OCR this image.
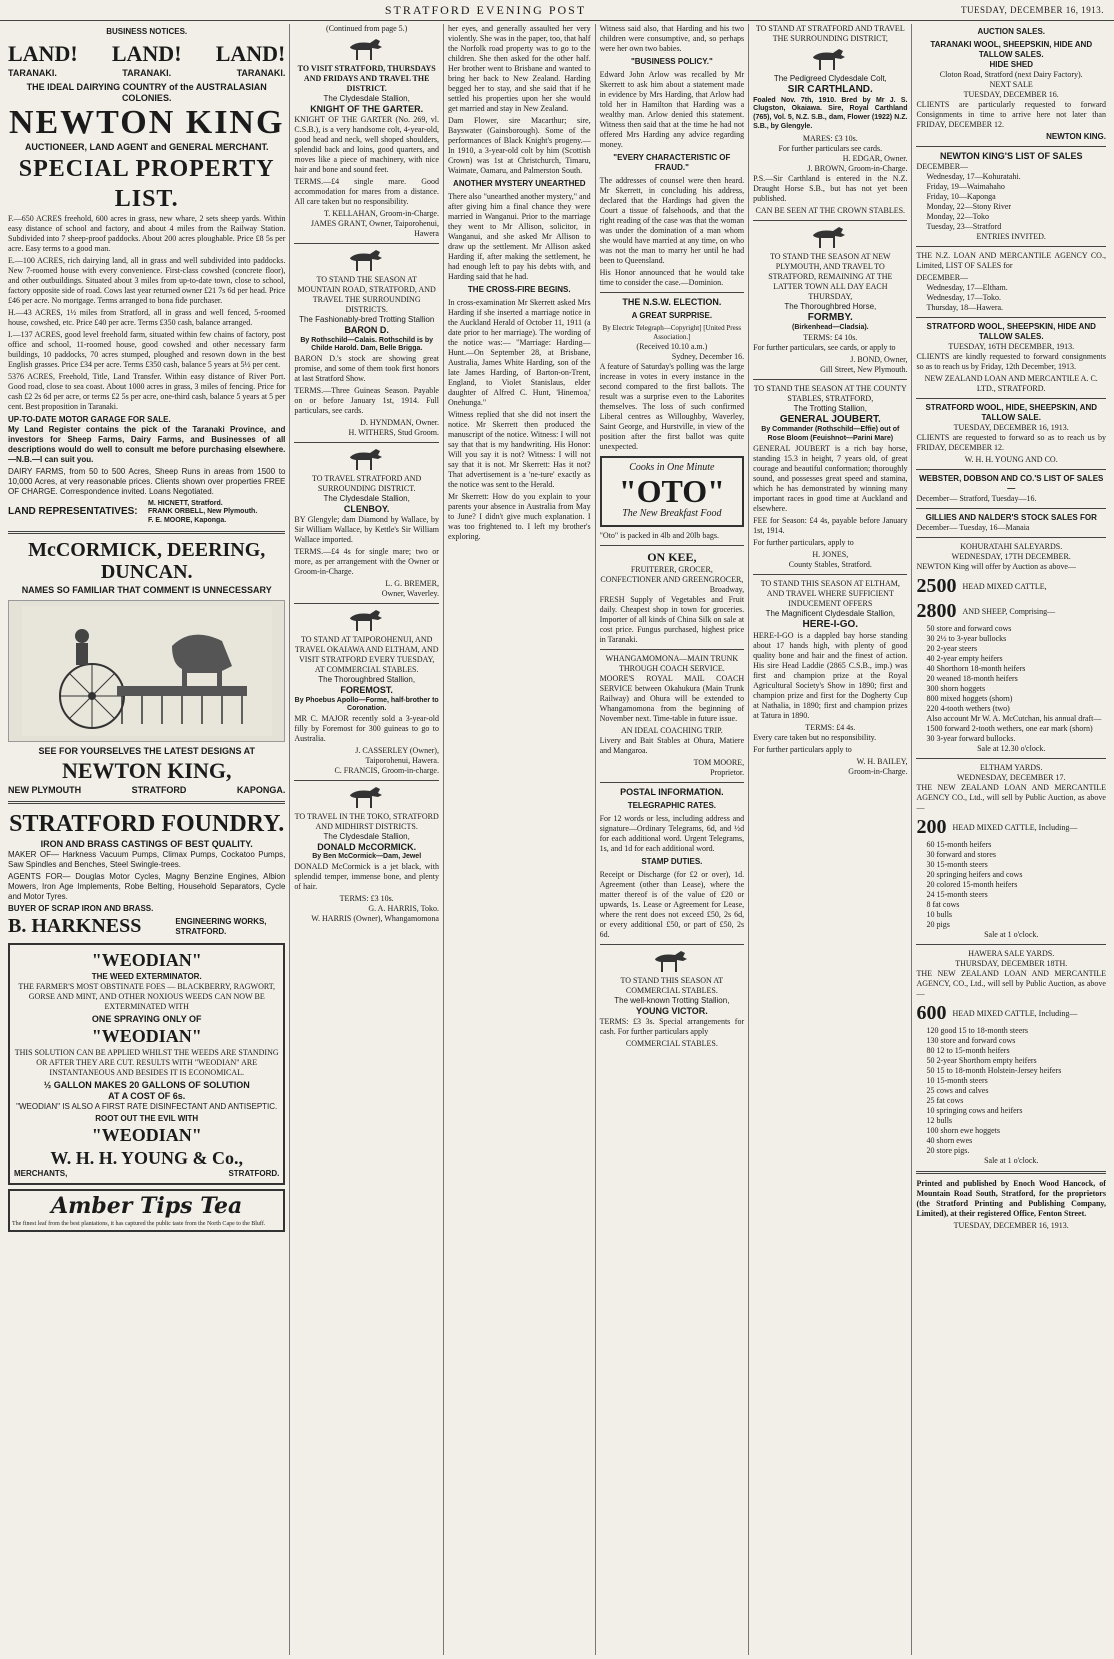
STRATFORD EVENING POST	TUESDAY, DECEMBER 16, 1913.
BUSINESS NOTICES.
LAND! LAND! LAND!
TARANAKI.	TARANAKI.	TARANAKI.
THE IDEAL DAIRYING COUNTRY of the AUSTRALASIAN COLONIES.
NEWTON KING
AUCTIONEER, LAND AGENT and GENERAL MERCHANT.
SPECIAL PROPERTY LIST.

F.—650 ACRES freehold, 600 acres in grass, new whare, 2 sets sheep yards. Within easy distance of school and factory, and about 4 miles from the Railway Station. Subdivided into 7 sheep-proof paddocks. About 200 acres ploughable. Price £8 5s per acre. Easy terms to a good man.

E.—100 ACRES, rich dairying land, all in grass and well subdivided into paddocks. New 7-roomed house with every convenience. First-class cowshed (concrete floor), and other outbuildings. Situated about 3 miles from up-to-date town, close to school, factory opposite side of road. Cows last year returned owner £21 7s 6d per head. Price £46 per acre. No mortgage. Terms arranged to bona fide purchaser.

H.—43 ACRES, 1½ miles from Stratford, all in grass and well fenced, 5-roomed house, cowshed, etc. Price £40 per acre. Terms £350 cash, balance arranged.

I.—137 ACRES, good level freehold farm, situated within few chains of factory, post office and school, 11-roomed house, good cowshed and other necessary farm buildings, 10 paddocks, 70 acres stumped, ploughed and resown down in the best English grasses. Price £34 per acre. Terms £350 cash, balance 5 years at 5½ per cent.

5376 ACRES, Freehold, Title, Land Transfer. Within easy distance of River Port. Good road, close to sea coast. About 1000 acres in grass, 3 miles of fencing. Price for cash £2 2s 6d per acre, or terms £2 5s per acre, one-third cash, balance 5 years at 5 per cent. Best proposition in Taranaki.

UP-TO-DATE MOTOR GARAGE FOR SALE.

My Land Register contains the pick of the Taranaki Province, and investors for Sheep Farms, Dairy Farms, and Businesses of all descriptions would do well to consult me before purchasing elsewhere.—N.B.—I can suit you.

DAIRY FARMS, from 50 to 500 Acres, Sheep Runs in areas from 1500 to 10,000 Acres, at very reasonable prices. Clients shown over properties FREE OF CHARGE. Correspondence invited. Loans Negotiated.

LAND REPRESENTATIVES:
M. HICNETT, Stratford.
FRANK ORBELL, New Plymouth.
F. E. MOORE, Kaponga.
McCORMICK, DEERING, DUNCAN.
NAMES SO FAMILIAR THAT COMMENT IS UNNECESSARY
SEE FOR YOURSELVES THE LATEST DESIGNS AT
NEWTON KING,
NEW PLYMOUTH	STRATFORD	KAPONGA.
STRATFORD FOUNDRY.
IRON AND BRASS CASTINGS OF BEST QUALITY.

MAKER OF— Harkness Vacuum Pumps, Climax Pumps, Cockatoo Pumps, Saw Spindles and Benches, Steel Swingle-trees.

AGENTS FOR— Douglas Motor Cycles, Magny Benzine Engines, Albion Mowers, Iron Age Implements, Robe Belting, Household Separators, Cycle and Motor Tyres.

BUYER OF SCRAP IRON AND BRASS.
B. HARKNESS	ENGINEERING WORKS, STRATFORD.
"WEODIAN"
THE WEED EXTERMINATOR.

THE FARMER'S MOST OBSTINATE FOES — BLACKBERRY, RAGWORT, GORSE AND MINT, AND OTHER NOXIOUS WEEDS CAN NOW BE EXTERMINATED WITH

ONE SPRAYING ONLY OF
"WEODIAN"

THIS SOLUTION CAN BE APPLIED WHILST THE WEEDS ARE STANDING OR AFTER THEY ARE CUT. RESULTS WITH "WEODIAN" ARE INSTANTANEOUS AND BESIDES IT IS ECONOMICAL.

½ GALLON MAKES 20 GALLONS OF SOLUTION
AT A COST OF 6s.

"WEODIAN" IS ALSO A FIRST RATE DISINFECTANT AND ANTISEPTIC.

ROOT OUT THE EVIL WITH
"WEODIAN"
W. H. H. YOUNG & Co.,
MERCHANTS,	STRATFORD.
Amber Tips Tea
The finest leaf from the best plantations, it has captured the public taste from the North Cape to the Bluff.
(Continued from page 5.)
TO VISIT STRATFORD, THURSDAYS AND FRIDAYS AND TRAVEL THE DISTRICT.
The Clydesdale Stallion,
KNIGHT OF THE GARTER.

KNIGHT OF THE GARTER (No. 269, vl. C.S.B.), is a very handsome colt, 4-year-old, good head and neck, well shoped shoulders, splendid back and loins, good quarters, and moves like a piece of machinery, with nice hair and bone and sound feet.

TERMS.—£4 single mare. Good accommodation for mares from a distance. All care taken but no responsibility.

T. KELLAHAN, Groom-in-Charge.
JAMES GRANT, Owner, Taiporohenui, Hawera
TO STAND THE SEASON AT MOUNTAIN ROAD, STRATFORD, AND TRAVEL THE SURROUNDING DISTRICTS.
The Fashionably-bred Trotting Stallion
BARON D.
By Rothschild—Calais. Rothschild is by Childe Harold. Dam, Belle Brigga.

BARON D.'s stock are showing great promise, and some of them took first honors at last Stratford Show.

TERMS.—Three Guineas Season. Payable on or before January 1st, 1914. Full particulars, see cards.

D. HYNDMAN, Owner.
H. WITHERS, Stud Groom.
TO TRAVEL STRATFORD AND SURROUNDING DISTRICT.
The Clydesdale Stallion,
CLENBOY.

BY Glengyle; dam Diamond by Wallace, by Sir William Wallace, by Kettle's Sir William Wallace imported.

TERMS.—£4 4s for single mare; two or more, as per arrangement with the Owner or Groom-in-Charge.

L. G. BREMER,
Owner, Waverley.
TO STAND AT TAIPOROHENUI, AND TRAVEL OKAIAWA AND ELTHAM, AND VISIT STRATFORD EVERY TUESDAY, AT COMMERCIAL STABLES.
The Thoroughbred Stallion,
FOREMOST.
By Phoebus Apollo—Forme, half-brother to Coronation.

MR C. MAJOR recently sold a 3-year-old filly by Foremost for 300 guineas to go to Australia.

J. CASSERLEY (Owner),
Taiporohenui, Hawera.
C. FRANCIS, Groom-in-charge.
TO TRAVEL IN THE TOKO, STRATFORD AND MIDHIRST DISTRICTS.
The Clydesdale Stallion,
DONALD McCORMICK.
By Ben McCormick—Dam, Jewel

DONALD McCormick is a jet black, with splendid temper, immense bone, and plenty of hair.

TERMS: £3 10s.
G. A. HARRIS, Toko.
W. HARRIS (Owner), Whangamomona

her eyes, and generally assaulted her very violently. She was in the paper, too, that half the Norfolk road property was to go to the children. She then asked for the other half. Her brother went to Brisbane and wanted to bring her back to New Zealand. Harding begged her to stay, and she said that if he settled his properties upon her she would get married and stay in New Zealand.

Dam Flower, sire Macarthur; sire, Bayswater (Gainsborough). Some of the performances of Black Knight's progeny.—In 1910, a 3-year-old colt by him (Scottish Crown) was 1st at Christchurch, Timaru, Waimate, Oamaru, and Palmerston South.

ANOTHER MYSTERY UNEARTHED

There also "unearthed another mystery," and after giving him a final chance they were married in Wanganui. Prior to the marriage they went to Mr Allison, solicitor, in Wanganui, and she asked Mr Allison to draw up the settlement. Mr Allison asked Harding if, after making the settlement, he had enough left to pay his debts with, and Harding said that he had.

THE CROSS-FIRE BEGINS.

In cross-examination Mr Skerrett asked Mrs Harding if she inserted a marriage notice in the Auckland Herald of October 11, 1911 (a date prior to her marriage). The wording of the notice was:— "Marriage: Harding—Hunt.—On September 28, at Brisbane, Australia, James White Harding, son of the late James Harding, of Barton-on-Trent, England, to Violet Stanislaus, elder daughter of Alfred C. Hunt, 'Hinemoa,' Onehunga."

Witness replied that she did not insert the notice. Mr Skerrett then produced the manuscript of the notice. Witness: I will not say that that is my handwriting. His Honor: Will you say it is not? Witness: I will not say that it is not. Mr Skerrett: Has it not? That advertisement is a 'ne-ture' exactly as the notice was sent to the Herald.

Mr Skerrett: How do you explain to your parents your absence in Australia from May to June? I didn't give much explanation. I was too frightened to. I left my brother's exploring.

Witness said also, that Harding and his two children were consumptive, and, so perhaps were her own two babies.

"BUSINESS POLICY."

Edward John Arlow was recalled by Mr Skerrett to ask him about a statement made in evidence by Mrs Harding, that Arlow had told her in Hamilton that Harding was a wealthy man. Arlow denied this statement. Witness then said that at the time he had not offered Mrs Harding any advice regarding money.

"EVERY CHARACTERISTIC OF FRAUD."

The addresses of counsel were then heard. Mr Skerrett, in concluding his address, declared that the Hardings had given the Court a tissue of falsehoods, and that the right reading of the case was that the woman was under the domination of a man whom she would have married at any time, on who was not the man to marry her until he had been to Queensland.

His Honor announced that he would take time to consider the case.—Dominion.

THE N.S.W. ELECTION.
A GREAT SURPRISE.
By Electric Telegraph—Copyright] [United Press Association.]
(Received 10.10 a.m.)
Sydney, December 16.

A feature of Saturday's polling was the large increase in votes in every instance in the second compared to the first ballots. The result was a surprise even to the Laborites themselves. The loss of such confirmed Liberal centres as Willoughby, Waverley, Saint George, and Hurstville, in view of the position after the first ballot was quite unexpected.

Cooks in One Minute
"OTO"
The New Breakfast Food
"Oto" is packed in 4lb and 20lb bags.
ON KEE,
FRUITERER, GROCER, CONFECTIONER AND GREENGROCER,
Broadway,

FRESH Supply of Vegetables and Fruit daily. Cheapest shop in town for groceries. Importer of all kinds of China Silk on sale at cost price. Fungus purchased, highest price in Taranaki.

WHANGAMOMONA—MAIN TRUNK THROUGH COACH SERVICE.

MOORE'S ROYAL MAIL COACH SERVICE between Okahukura (Main Trunk Railway) and Ohura will be extended to Whangamomona from the beginning of November next. Time-table in future issue.

AN IDEAL COACHING TRIP.

Livery and Bait Stables at Ohura, Matiere and Mangaroa.

TOM MOORE,
Proprietor.
POSTAL INFORMATION.
TELEGRAPHIC RATES.

For 12 words or less, including address and signature—Ordinary Telegrams, 6d, and ½d for each additional word. Urgent Telegrams, 1s, and 1d for each additional word.

STAMP DUTIES.

Receipt or Discharge (for £2 or over), 1d. Agreement (other than Lease), where the matter thereof is of the value of £20 or upwards, 1s. Lease or Agreement for Lease, where the rent does not exceed £50, 2s 6d, or every additional £50, or part of £50, 2s 6d.

TO STAND THIS SEASON AT COMMERCIAL STABLES.
The well-known Trotting Stallion,
YOUNG VICTOR.

TERMS: £3 3s. Special arrangements for cash. For further particulars apply

COMMERCIAL STABLES.
TO STAND AT STRATFORD AND TRAVEL THE SURROUNDING DISTRICT,
The Pedigreed Clydesdale Colt,
SIR CARTHLAND.

Foaled Nov. 7th, 1910. Bred by Mr J. S. Clugston, Okaiawa. Sire, Royal Carthland (765), Vol. 5, N.Z. S.B., dam, Flower (1922) N.Z. S.B., by Glengyle.

MARES: £3 10s.
For further particulars see cards.
H. EDGAR, Owner.
J. BROWN, Groom-in-Charge.

P.S.—Sir Carthland is entered in the N.Z. Draught Horse S.B., but has not yet been published.

CAN BE SEEN AT THE CROWN STABLES.
TO STAND THE SEASON AT NEW PLYMOUTH, AND TRAVEL TO STRATFORD, REMAINING AT THE LATTER TOWN ALL DAY EACH THURSDAY,
The Thoroughbred Horse,
FORMBY.
(Birkenhead—Cladsia).
TERMS: £4 10s.

For further particulars, see cards, or apply to

J. BOND, Owner,
Gill Street, New Plymouth.
TO STAND THE SEASON AT THE COUNTY STABLES, STRATFORD,
The Trotting Stallion,
GENERAL JOUBERT.
By Commander (Rothschild—Effie) out of Rose Bloom (Feuishnot—Parini Mare)

GENERAL JOUBERT is a rich bay horse, standing 15.3 in height, 7 years old, of great courage and beautiful conformation; thoroughly sound, and possesses great speed and stamina, which he has demonstrated by winning many important races in good time at Auckland and elsewhere.

FEE for Season: £4 4s, payable before January 1st, 1914.

For further particulars, apply to

H. JONES,
County Stables, Stratford.
TO STAND THIS SEASON AT ELTHAM, AND TRAVEL WHERE SUFFICIENT INDUCEMENT OFFERS
The Magnificent Clydesdale Stallion,
HERE-I-GO.

HERE-I-GO is a dappled bay horse standing about 17 hands high, with plenty of good quality bone and hair and the finest of action. His sire Head Laddie (2865 C.S.B., imp.) was first and champion prize at the Royal Agricultural Society's Show in 1890; first and champion prize and first for the Dogherty Cup at Nathalia, in 1890; first and champion prizes at Tatura in 1890.

TERMS: £4 4s.

Every care taken but no responsibility.

For further particulars apply to

W. H. BAILEY,
Groom-in-Charge.
AUCTION SALES.
TARANAKI WOOL, SHEEPSKIN, HIDE AND TALLOW SALES.
HIDE SHED
Cloton Road, Stratford (next Dairy Factory).
NEXT SALE
TUESDAY, DECEMBER 16.

CLIENTS are particularly requested to forward Consignments in time to arrive here not later than FRIDAY, DECEMBER 12.

NEWTON KING.
NEWTON KING'S LIST OF SALES
DECEMBER—
Wednesday, 17—Kohuratahi.
Friday, 19—Waimahaho
Friday, 10—Kaponga
Monday, 22—Stony River
Monday, 22—Toko
Tuesday, 23—Stratford
ENTRIES INVITED.

THE N.Z. LOAN AND MERCANTILE AGENCY CO., Limited, LIST OF SALES for

DECEMBER—
Wednesday, 17—Eltham.
Wednesday, 17—Toko.
Thursday, 18—Hawera.
STRATFORD WOOL, SHEEPSKIN, HIDE AND TALLOW SALES.
TUESDAY, 16TH DECEMBER, 1913.

CLIENTS are kindly requested to forward consignments so as to reach us by Friday, 12th December, 1913.

NEW ZEALAND LOAN AND MERCANTILE A. C. LTD., STRATFORD.
STRATFORD WOOL, HIDE, SHEEPSKIN, AND TALLOW SALE.
TUESDAY, DECEMBER 16, 1913.

CLIENTS are requested to forward so as to reach us by FRIDAY, DECEMBER 12.

W. H. H. YOUNG AND CO.
WEBSTER, DOBSON AND CO.'S LIST OF SALES—
December— Stratford, Tuesday—16.
GILLIES AND NALDER'S STOCK SALES FOR
December— Tuesday, 16—Manaia
KOHURATAHI SALEYARDS.
WEDNESDAY, 17TH DECEMBER.

NEWTON King will offer by Auction as above—

2500 HEAD MIXED CATTLE,
2800 AND SHEEP, Comprising—
50 store and forward cows
30 2½ to 3-year bullocks
20 2-year steers
40 2-year empty heifers
40 Shorthorn 18-month heifers
20 weaned 18-month heifers
300 shorn hoggets
800 mixed hoggets (shorn)
220 4-tooth wethers (two)
Also account Mr W. A. McCutchan, his annual draft—
1500 forward 2-tooth wethers, one ear mark (shorn)
30 3-year forward bullocks.
Sale at 12.30 o'clock.
ELTHAM YARDS.
WEDNESDAY, DECEMBER 17.

THE NEW ZEALAND LOAN AND MERCANTILE AGENCY CO., Ltd., will sell by Public Auction, as above—

200 HEAD MIXED CATTLE, Including—
60 15-month heifers
30 forward and stores
30 15-month steers
20 springing heifers and cows
20 colored 15-month heifers
24 15-month steers
8 fat cows
10 bulls
20 pigs
Sale at 1 o'clock.
HAWERA SALE YARDS.
THURSDAY, DECEMBER 18TH.

THE NEW ZEALAND LOAN AND MERCANTILE AGENCY, CO., Ltd., will sell by Public Auction, as above—

600 HEAD MIXED CATTLE, Including—
120 good 15 to 18-month steers
130 store and forward cows
80 12 to 15-month heifers
50 2-year Shorthorn empty heifers
50 15 to 18-month Holstein-Jersey heifers
10 15-month steers
25 cows and calves
25 fat cows
10 springing cows and heifers
12 bulls
100 shorn ewe hoggets
40 shorn ewes
20 store pigs.
Sale at 1 o'clock.

Printed and published by Enoch Wood Hancock, of Mountain Road South, Stratford, for the proprietors (the Stratford Printing and Publishing Company, Limited), at their registered Office, Fenton Street.

TUESDAY, DECEMBER 16, 1913.
